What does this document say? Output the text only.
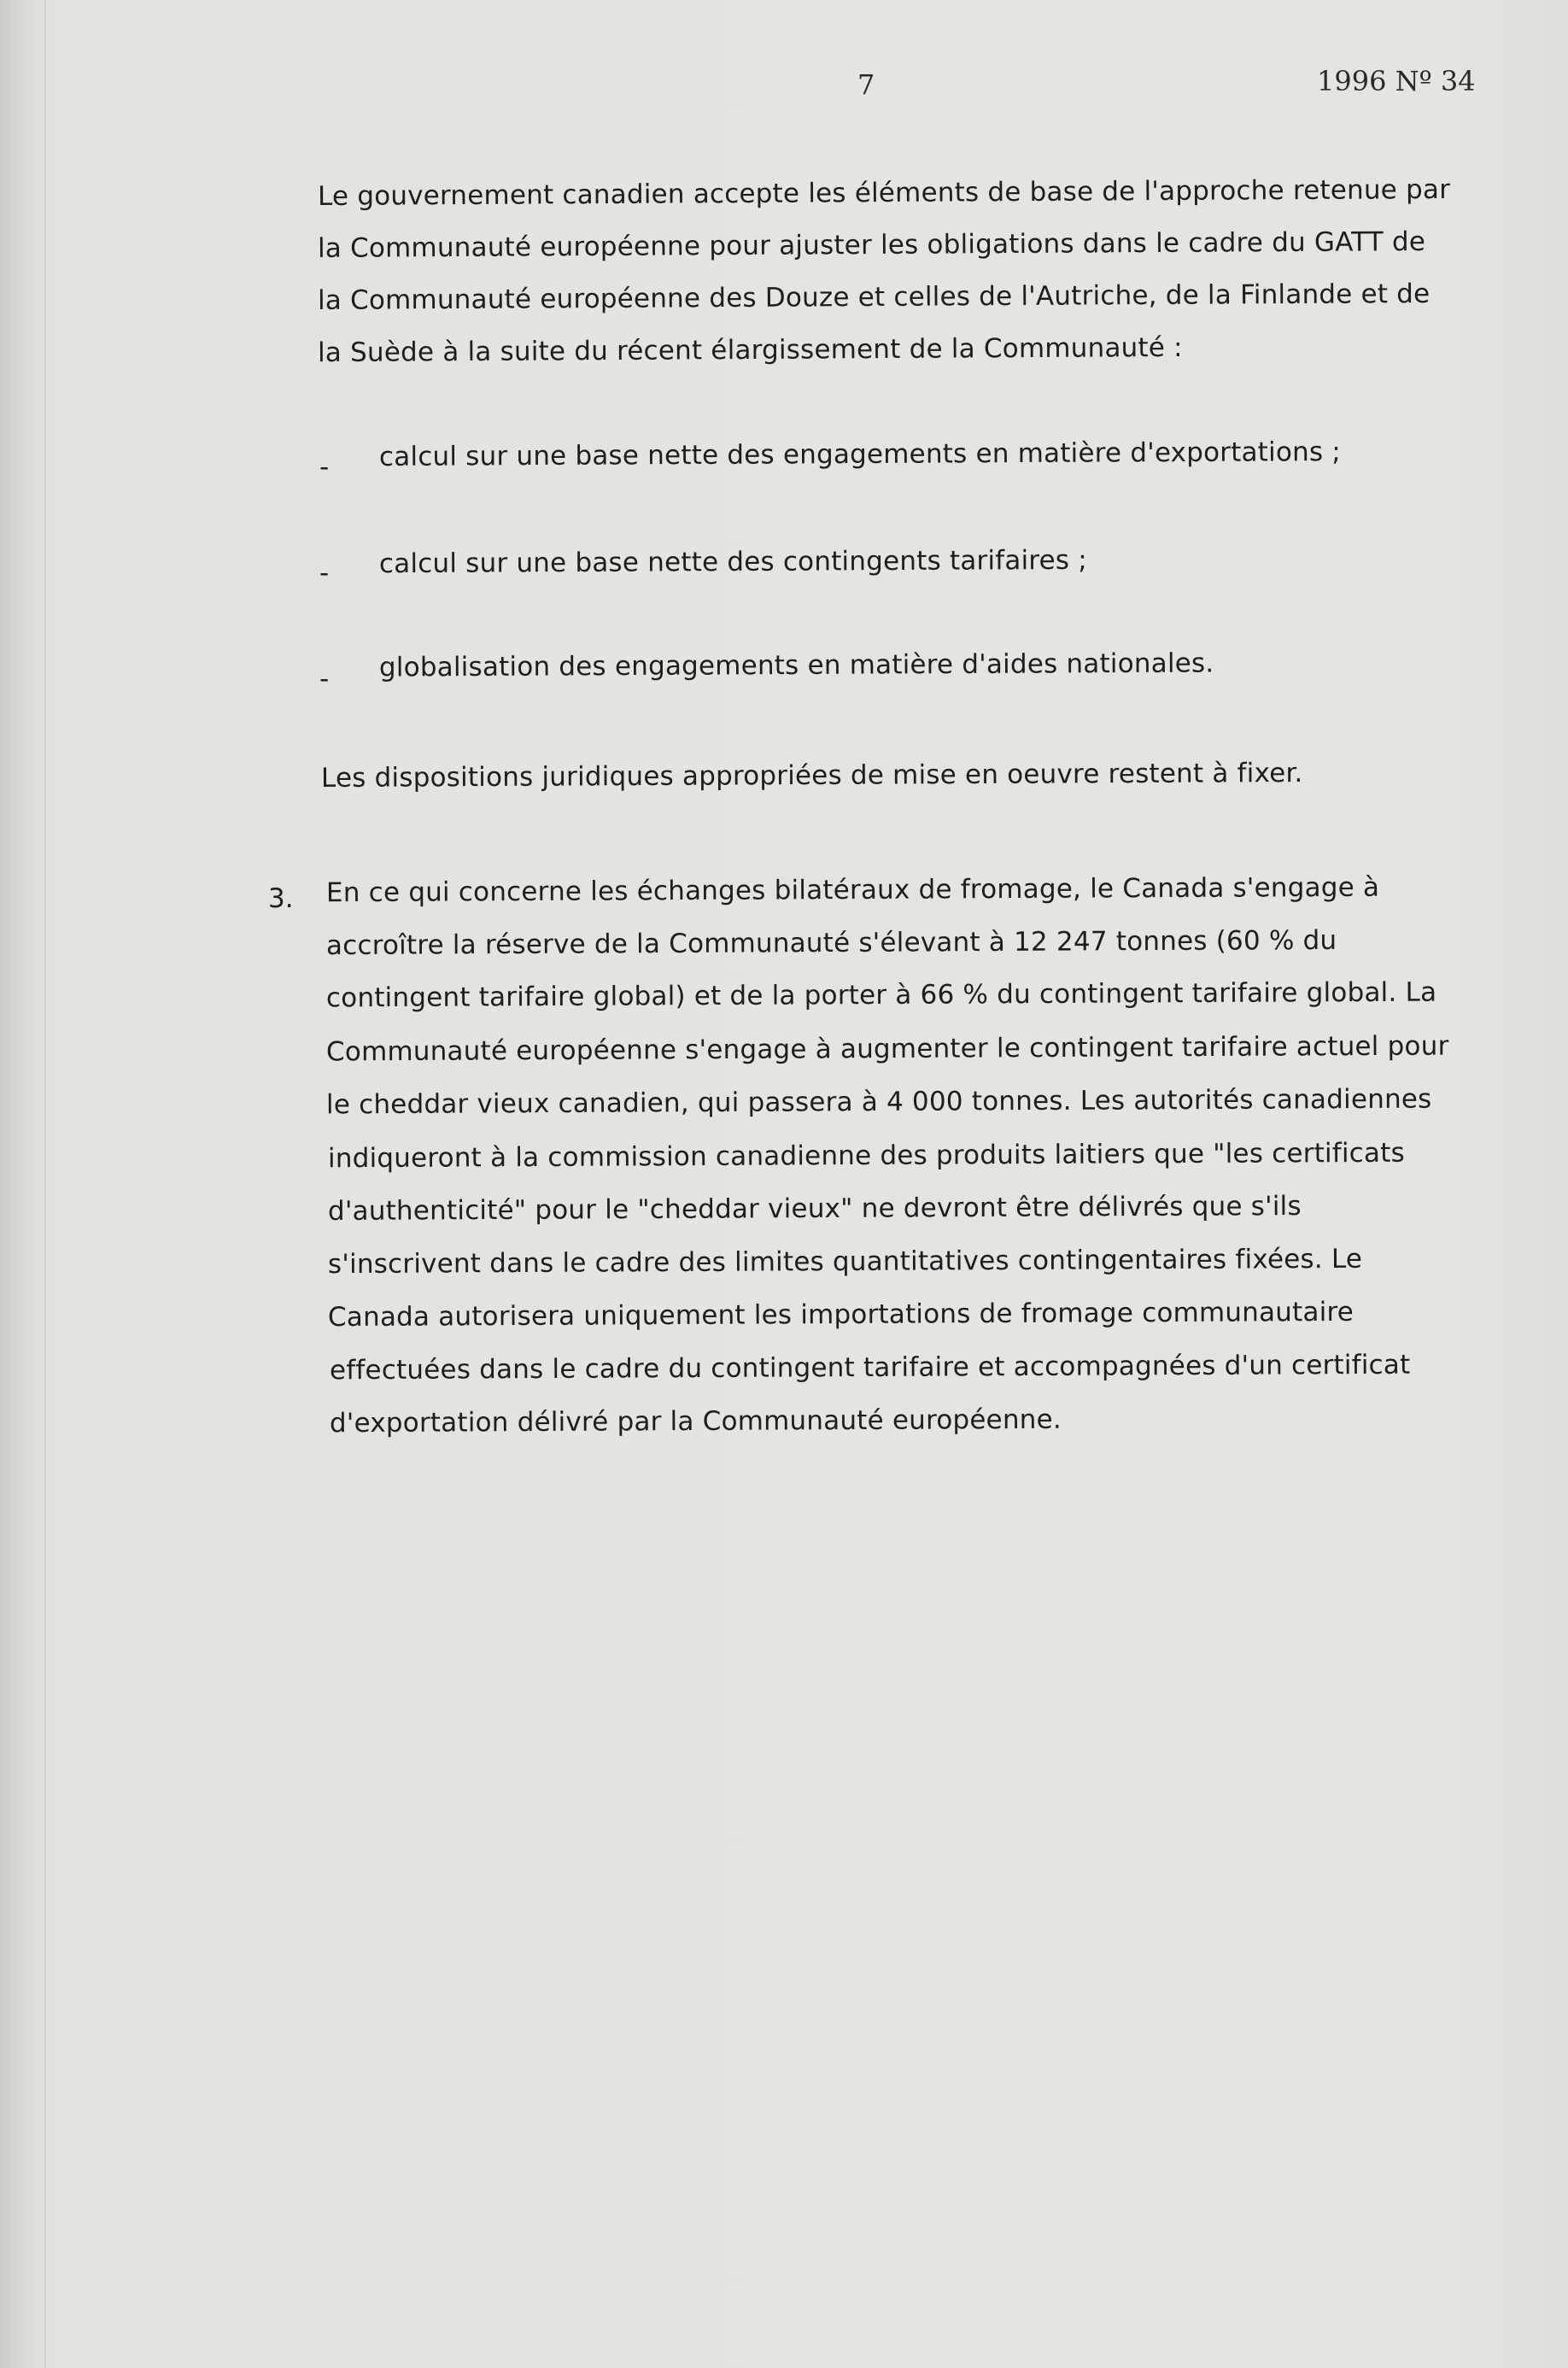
7	1996 Nº 34
Le gouvernement canadien accepte les éléments de base de l'approche retenue par
la Communauté européenne pour ajuster les obligations dans le cadre du GATT de
la Communauté européenne des Douze et celles de l'Autriche, de la Finlande et de
la Suède à la suite du récent élargissement de la Communauté :
- calcul sur une base nette des engagements en matière d'exportations ;
- calcul sur une base nette des contingents tarifaires ;
- globalisation des engagements en matière d'aides nationales.
Les dispositions juridiques appropriées de mise en oeuvre restent à fixer.
3. En ce qui concerne les échanges bilatéraux de fromage, le Canada s'engage à
accroître la réserve de la Communauté s'élevant à 12 247 tonnes (60 % du
contingent tarifaire global) et de la porter à 66 % du contingent tarifaire global. La
Communauté européenne s'engage à augmenter le contingent tarifaire actuel pour
le cheddar vieux canadien, qui passera à 4 000 tonnes. Les autorités canadiennes
indiqueront à la commission canadienne des produits laitiers que "les certificats
d'authenticité" pour le "cheddar vieux" ne devront être délivrés que s'ils
s'inscrivent dans le cadre des limites quantitatives contingentaires fixées. Le
Canada autorisera uniquement les importations de fromage communautaire
effectuées dans le cadre du contingent tarifaire et accompagnées d'un certificat
d'exportation délivré par la Communauté européenne.
